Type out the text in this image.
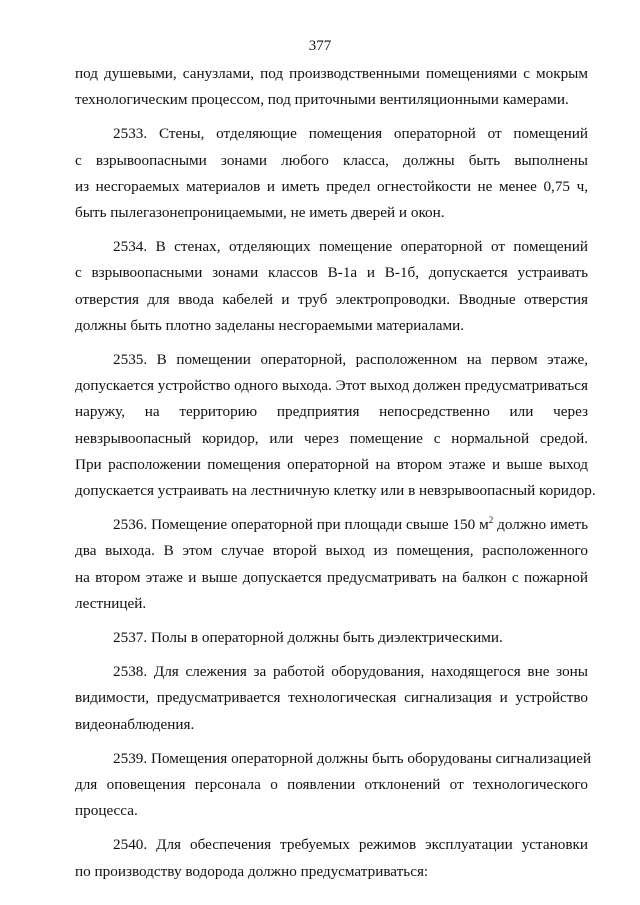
377
под душевыми, санузлами, под производственными помещениями с мокрым
технологическим процессом, под приточными вентиляционными камерами.
2533. Стены, отделяющие помещения операторной от помещений
с взрывоопасными зонами любого класса, должны быть выполнены
из несгораемых материалов и иметь предел огнестойкости не менее 0,75 ч,
быть пылегазонепроницаемыми, не иметь дверей и окон.
2534. В стенах, отделяющих помещение операторной от помещений
с взрывоопасными зонами классов В-1а и В-1б, допускается устраивать
отверстия для ввода кабелей и труб электропроводки. Вводные отверстия
должны быть плотно заделаны несгораемыми материалами.
2535. В помещении операторной, расположенном на первом этаже,
допускается устройство одного выхода. Этот выход должен предусматриваться
наружу, на территорию предприятия непосредственно или через
невзрывоопасный коридор, или через помещение с нормальной средой.
При расположении помещения операторной на втором этаже и выше выход
допускается устраивать на лестничную клетку или в невзрывоопасный коридор.
2536. Помещение операторной при площади свыше 150 $м^2$ должно иметь
два выхода. В этом случае второй выход из помещения, расположенного
на втором этаже и выше допускается предусматривать на балкон с пожарной
лестницей.
2537. Полы в операторной должны быть диэлектрическими.
2538. Для слежения за работой оборудования, находящегося вне зоны
видимости, предусматривается технологическая сигнализация и устройство
видеонаблюдения.
2539. Помещения операторной должны быть оборудованы сигнализацией
для оповещения персонала о появлении отклонений от технологического
процесса.
2540. Для обеспечения требуемых режимов эксплуатации установки
по производству водорода должно предусматриваться:
